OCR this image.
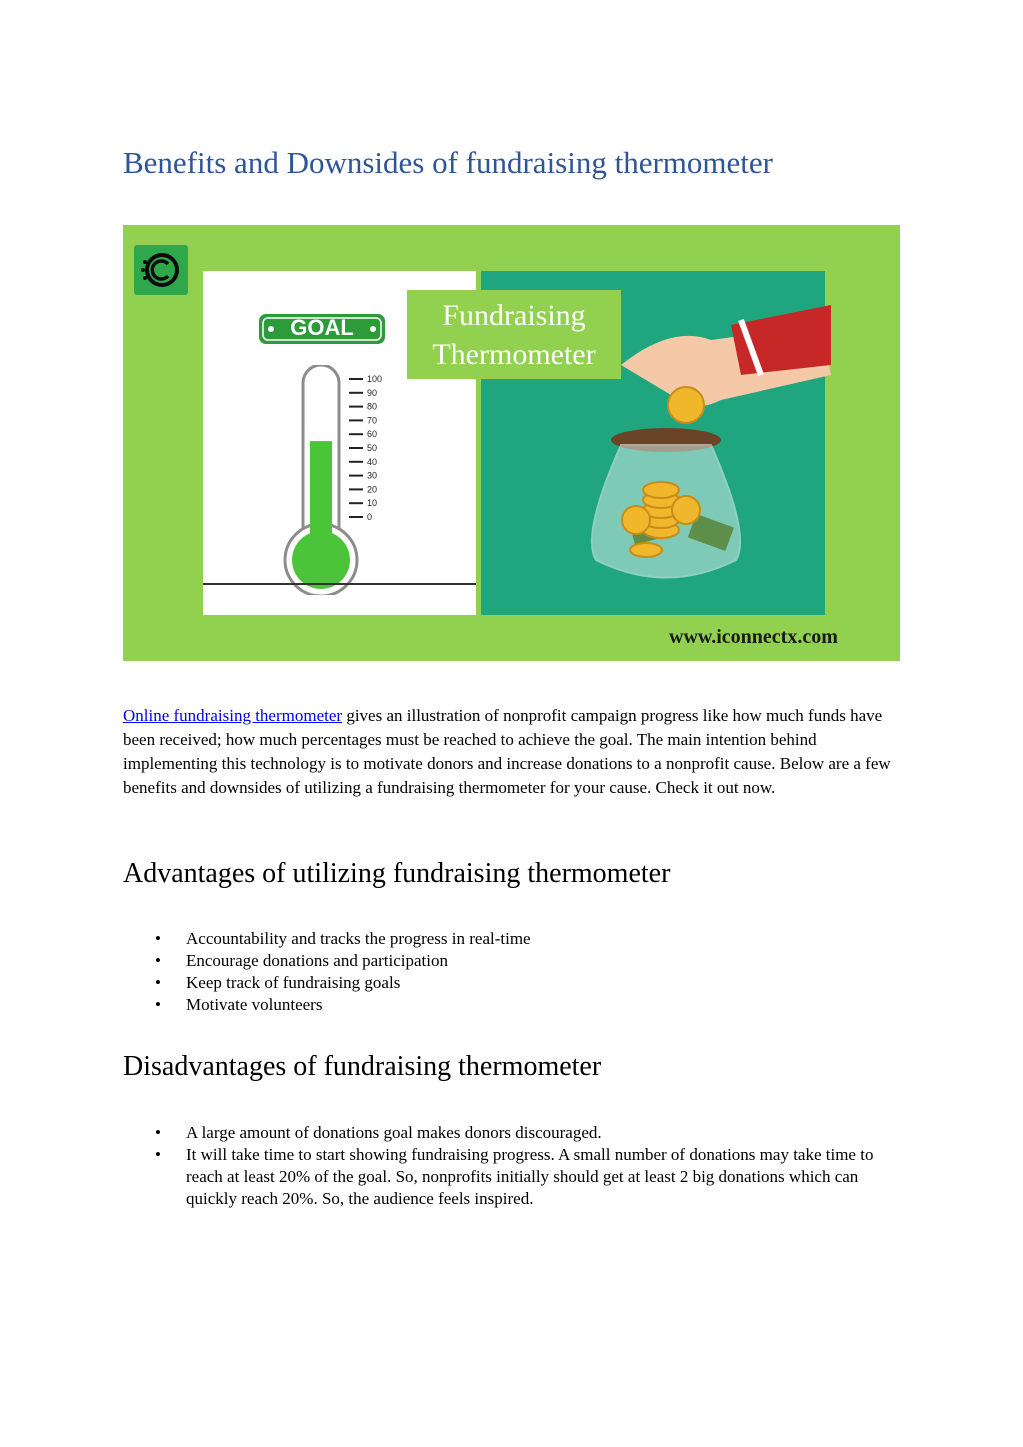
Benefits and Downsides of fundraising thermometer
Fundraising
Thermometer
GOAL
100
90
80
70
60
50
40
30
20
10
0
www.iconnectx.com

Online fundraising thermometer gives an illustration of nonprofit campaign progress like how much funds have been received; how much percentages must be reached to achieve the goal. The main intention behind implementing this technology is to motivate donors and increase donations to a nonprofit cause. Below are a few benefits and downsides of utilizing a fundraising thermometer for your cause. Check it out now.

Advantages of utilizing fundraising thermometer
• Accountability and tracks the progress in real-time
• Encourage donations and participation
• Keep track of fundraising goals
• Motivate volunteers
Disadvantages of fundraising thermometer
• A large amount of donations goal makes donors discouraged.
• It will take time to start showing fundraising progress. A small number of donations may take time to reach at least 20% of the goal. So, nonprofits initially should get at least 2 big donations which can quickly reach 20%. So, the audience feels inspired.
